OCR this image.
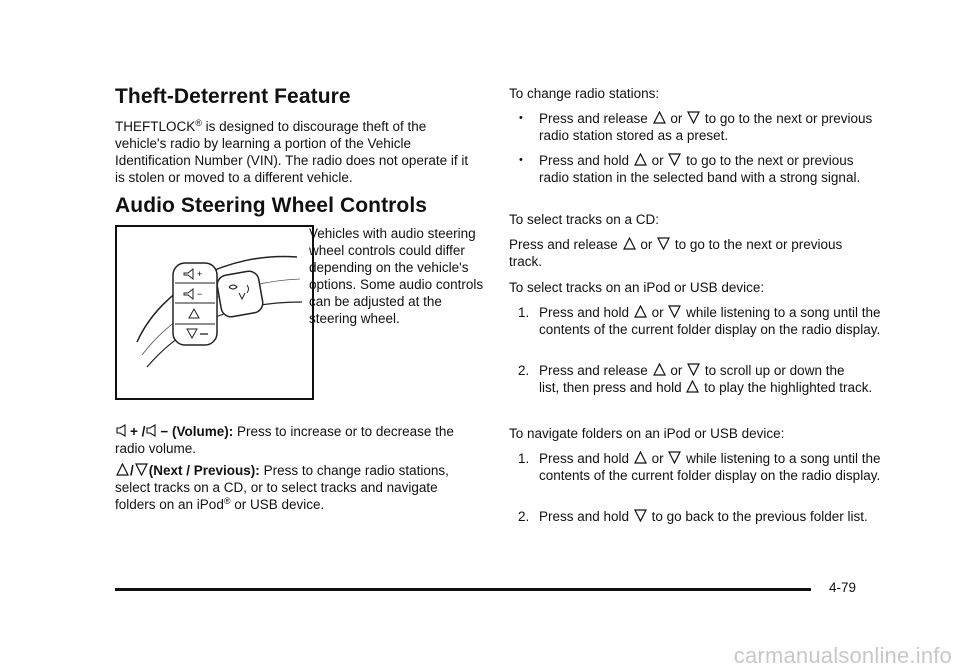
Theft-Deterrent Feature
THEFTLOCK® is designed to discourage theft of the vehicle's radio by learning a portion of the Vehicle Identification Number (VIN). The radio does not operate if it is stolen or moved to a different vehicle.
Audio Steering Wheel Controls
+
−
Vehicles with audio steering wheel controls could differ depending on the vehicle's options. Some audio controls can be adjusted at the steering wheel.
+ / − (Volume): Press to increase or to decrease the radio volume.
/ (Next / Previous): Press to change radio stations, select tracks on a CD, or to select tracks and navigate folders on an iPod® or USB device.

To change radio stations:

• Press and release or to go to the next or previous radio station stored as a preset.
• Press and hold or to go to the next or previous radio station in the selected band with a strong signal.

To select tracks on a CD:

Press and release or to go to the next or previous track.

To select tracks on an iPod or USB device:

1. Press and hold or while listening to a song until the contents of the current folder display on the radio display.
2. Press and release or to scroll up or down the
list, then press and hold to play the highlighted track.

To navigate folders on an iPod or USB device:

1. Press and hold or while listening to a song until the contents of the current folder display on the radio display.
2. Press and hold to go back to the previous folder list.
4-79
carmanualsonline.info
